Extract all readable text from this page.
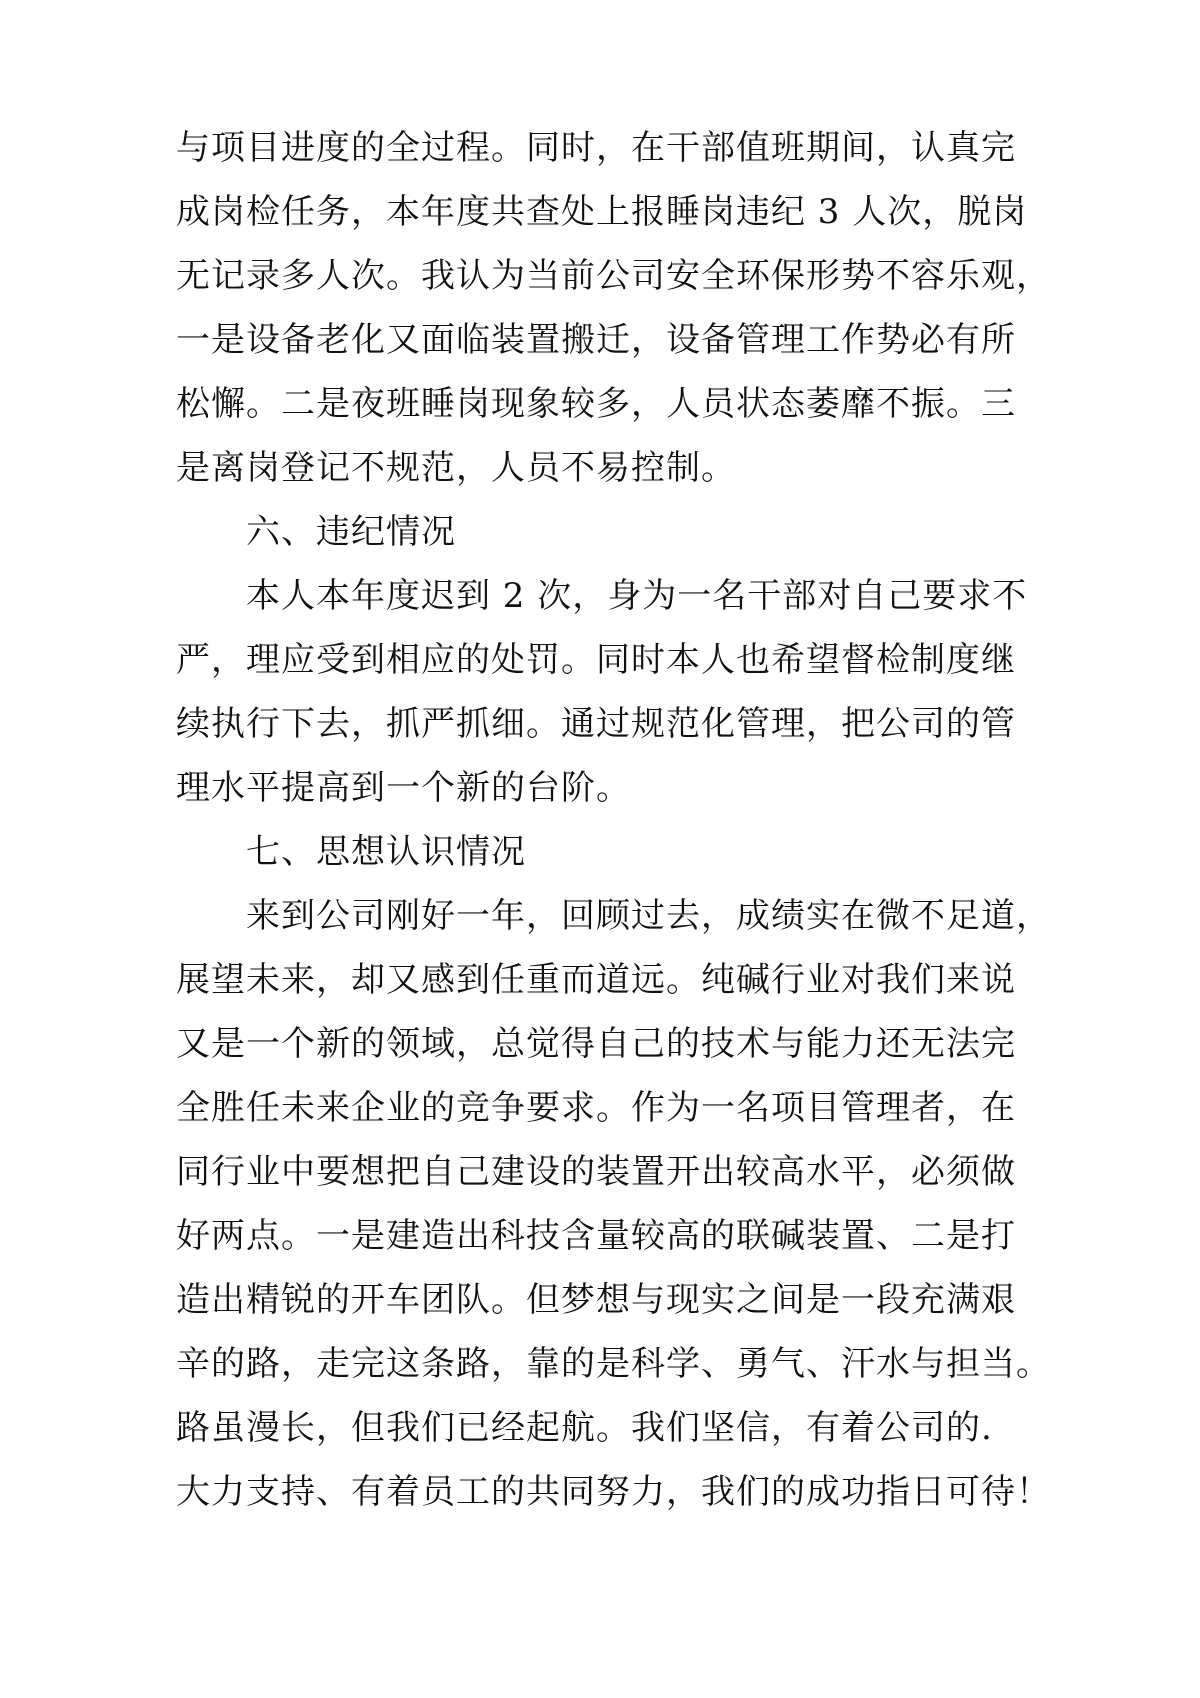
与项目进度的全过程。同时，在干部值班期间，认真完
成岗检任务，本年度共查处上报睡岗违纪 3 人次，脱岗
无记录多人次。我认为当前公司安全环保形势不容乐观，
一是设备老化又面临装置搬迁，设备管理工作势必有所
松懈。二是夜班睡岗现象较多，人员状态萎靡不振。三
是离岗登记不规范，人员不易控制。
六、违纪情况
本人本年度迟到 2 次，身为一名干部对自己要求不
严，理应受到相应的处罚。同时本人也希望督检制度继
续执行下去，抓严抓细。通过规范化管理，把公司的管
理水平提高到一个新的台阶。
七、思想认识情况
来到公司刚好一年，回顾过去，成绩实在微不足道，
展望未来，却又感到任重而道远。纯碱行业对我们来说
又是一个新的领域，总觉得自己的技术与能力还无法完
全胜任未来企业的竞争要求。作为一名项目管理者，在
同行业中要想把自己建设的装置开出较高水平，必须做
好两点。一是建造出科技含量较高的联碱装置、二是打
造出精锐的开车团队。但梦想与现实之间是一段充满艰
辛的路，走完这条路，靠的是科学、勇气、汗水与担当。
路虽漫长，但我们已经起航。我们坚信，有着公司的.
大力支持、有着员工的共同努力，我们的成功指日可待！
